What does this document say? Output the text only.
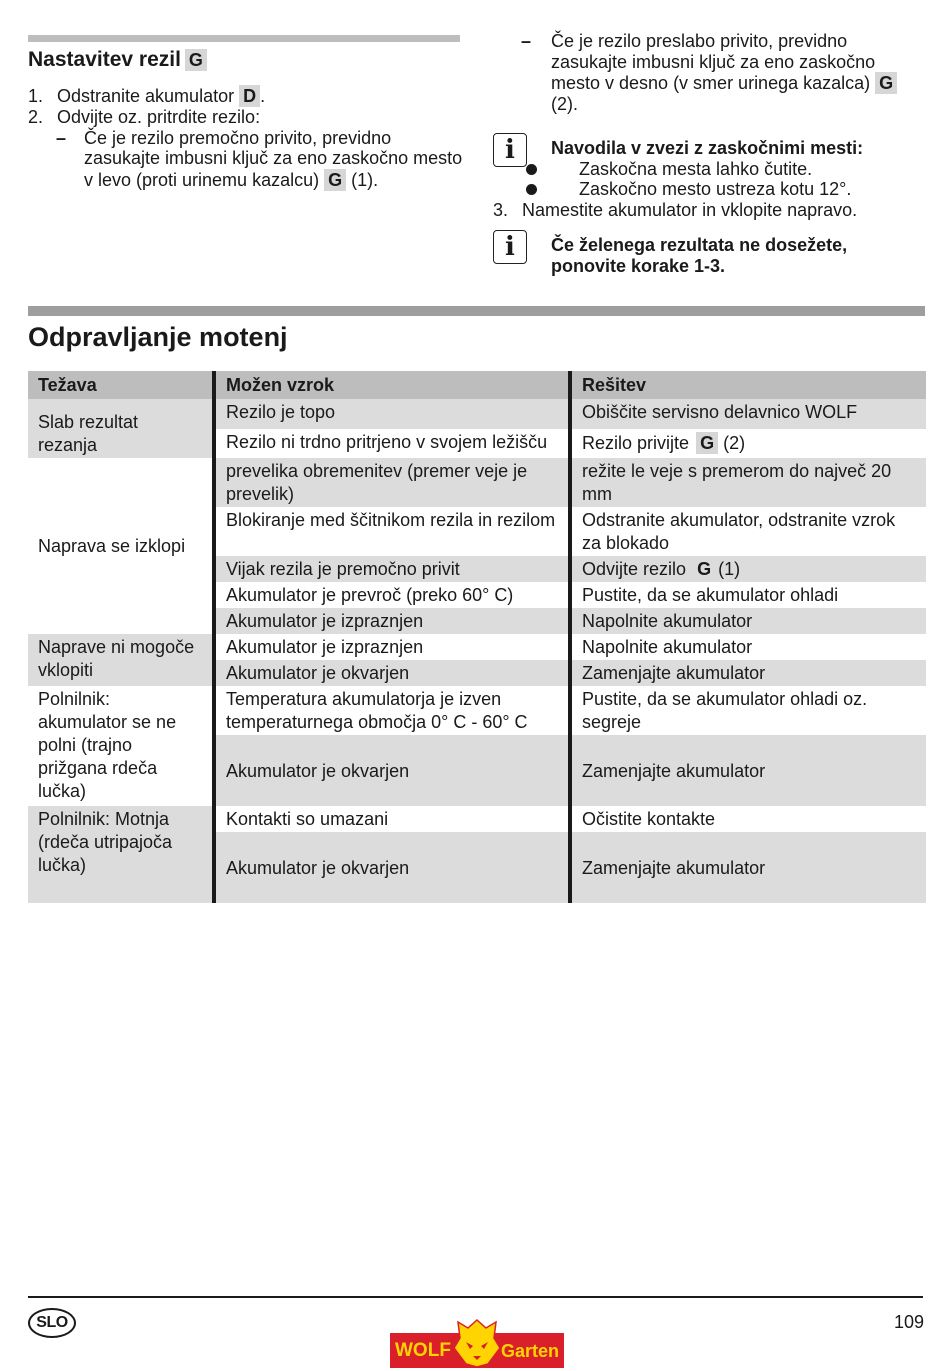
Nastavitev rezil G

1. Odstranite akumulator D .

2. Odvijte oz. pritrdite rezilo:

– Če je rezilo premočno privito, previdno zasukajte imbusni ključ za eno zaskočno mesto v levo (proti urinemu kazalcu) G (1).
–	Če je rezilo preslabo privito, previdno zasukajte imbusni ključ za eno zaskočno mesto v desno (v smer urinega kazalca) G (2).
i	Navodila v zvezi z zaskočnimi mesti:

Zaskočna mesta lahko čutite.
Zaskočno mesto ustreza kotu 12°.

3. Namestite akumulator in vklopite napravo.

i	Če želenega rezultata ne dosežete,

ponovite korake 1-3.

Odpravljanje motenj
Težava	Možen vzrok	Rešitev
Slab rezultat rezanja	Rezilo je topo	Obiščite servisno delavnico WOLF
	Rezilo ni trdno pritrjeno v svojem ležišču	Rezilo privijte G (2)
Naprava se izklopi	prevelika obremenitev (premer veje je prevelik)	režite le veje s premerom do največ 20 mm
	Blokiranje med ščitnikom rezila in rezilom	Odstranite akumulator, odstranite vzrok za blokado
	Vijak rezila je premočno privit	Odvijte rezilo G (1)
	Akumulator je prevroč (preko 60° C)	Pustite, da se akumulator ohladi
	Akumulator je izpraznjen	Napolnite akumulator
Naprave ni mogoče vklopiti	Akumulator je izpraznjen	Napolnite akumulator
	Akumulator je okvarjen	Zamenjajte akumulator
Polnilnik: akumulator se ne polni (trajno prižgana rdeča lučka)	Temperatura akumulatorja je izven temperaturnega območja 0° C - 60° C	Pustite, da se akumulator ohladi oz. segreje
	Akumulator je okvarjen	Zamenjajte akumulator
Polnilnik: Motnja (rdeča utripajoča lučka)	Kontakti so umazani	Očistite kontakte
	Akumulator je okvarjen	Zamenjajte akumulator
SLO	109
WOLF	Garten
